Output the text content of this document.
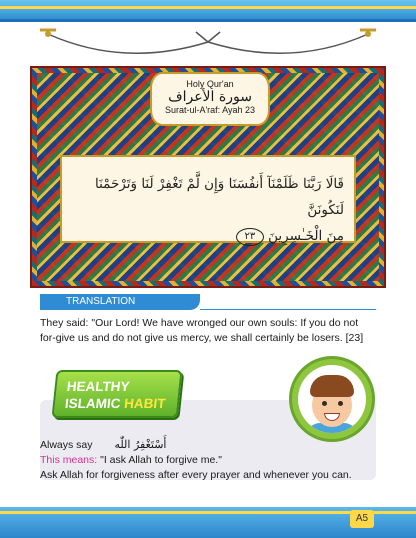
Holy Qur'an
سورة الأعراف
Surat-ul-A'raf: Ayah 23
قَالَا رَبَّنَا ظَلَمْنَآ أَنفُسَنَا وَإِن لَّمْ تَغْفِرْ لَنَا وَتَرْحَمْنَا لَنَكُونَنَّ
مِنَ الْخَـٰسِرِينَ ٢٣
TRANSLATION
They said: "Our Lord! We have wronged our own souls: If you do not for-give us and do not give us mercy, we shall certainly be losers. [23]
HEALTHY
ISLAMIC HABIT
Always say أَسْتَغْفِرُ اللّٰه
This means: "I ask Allah to forgive me."
Ask Allah for forgiveness after every prayer and whenever you can.
A5
